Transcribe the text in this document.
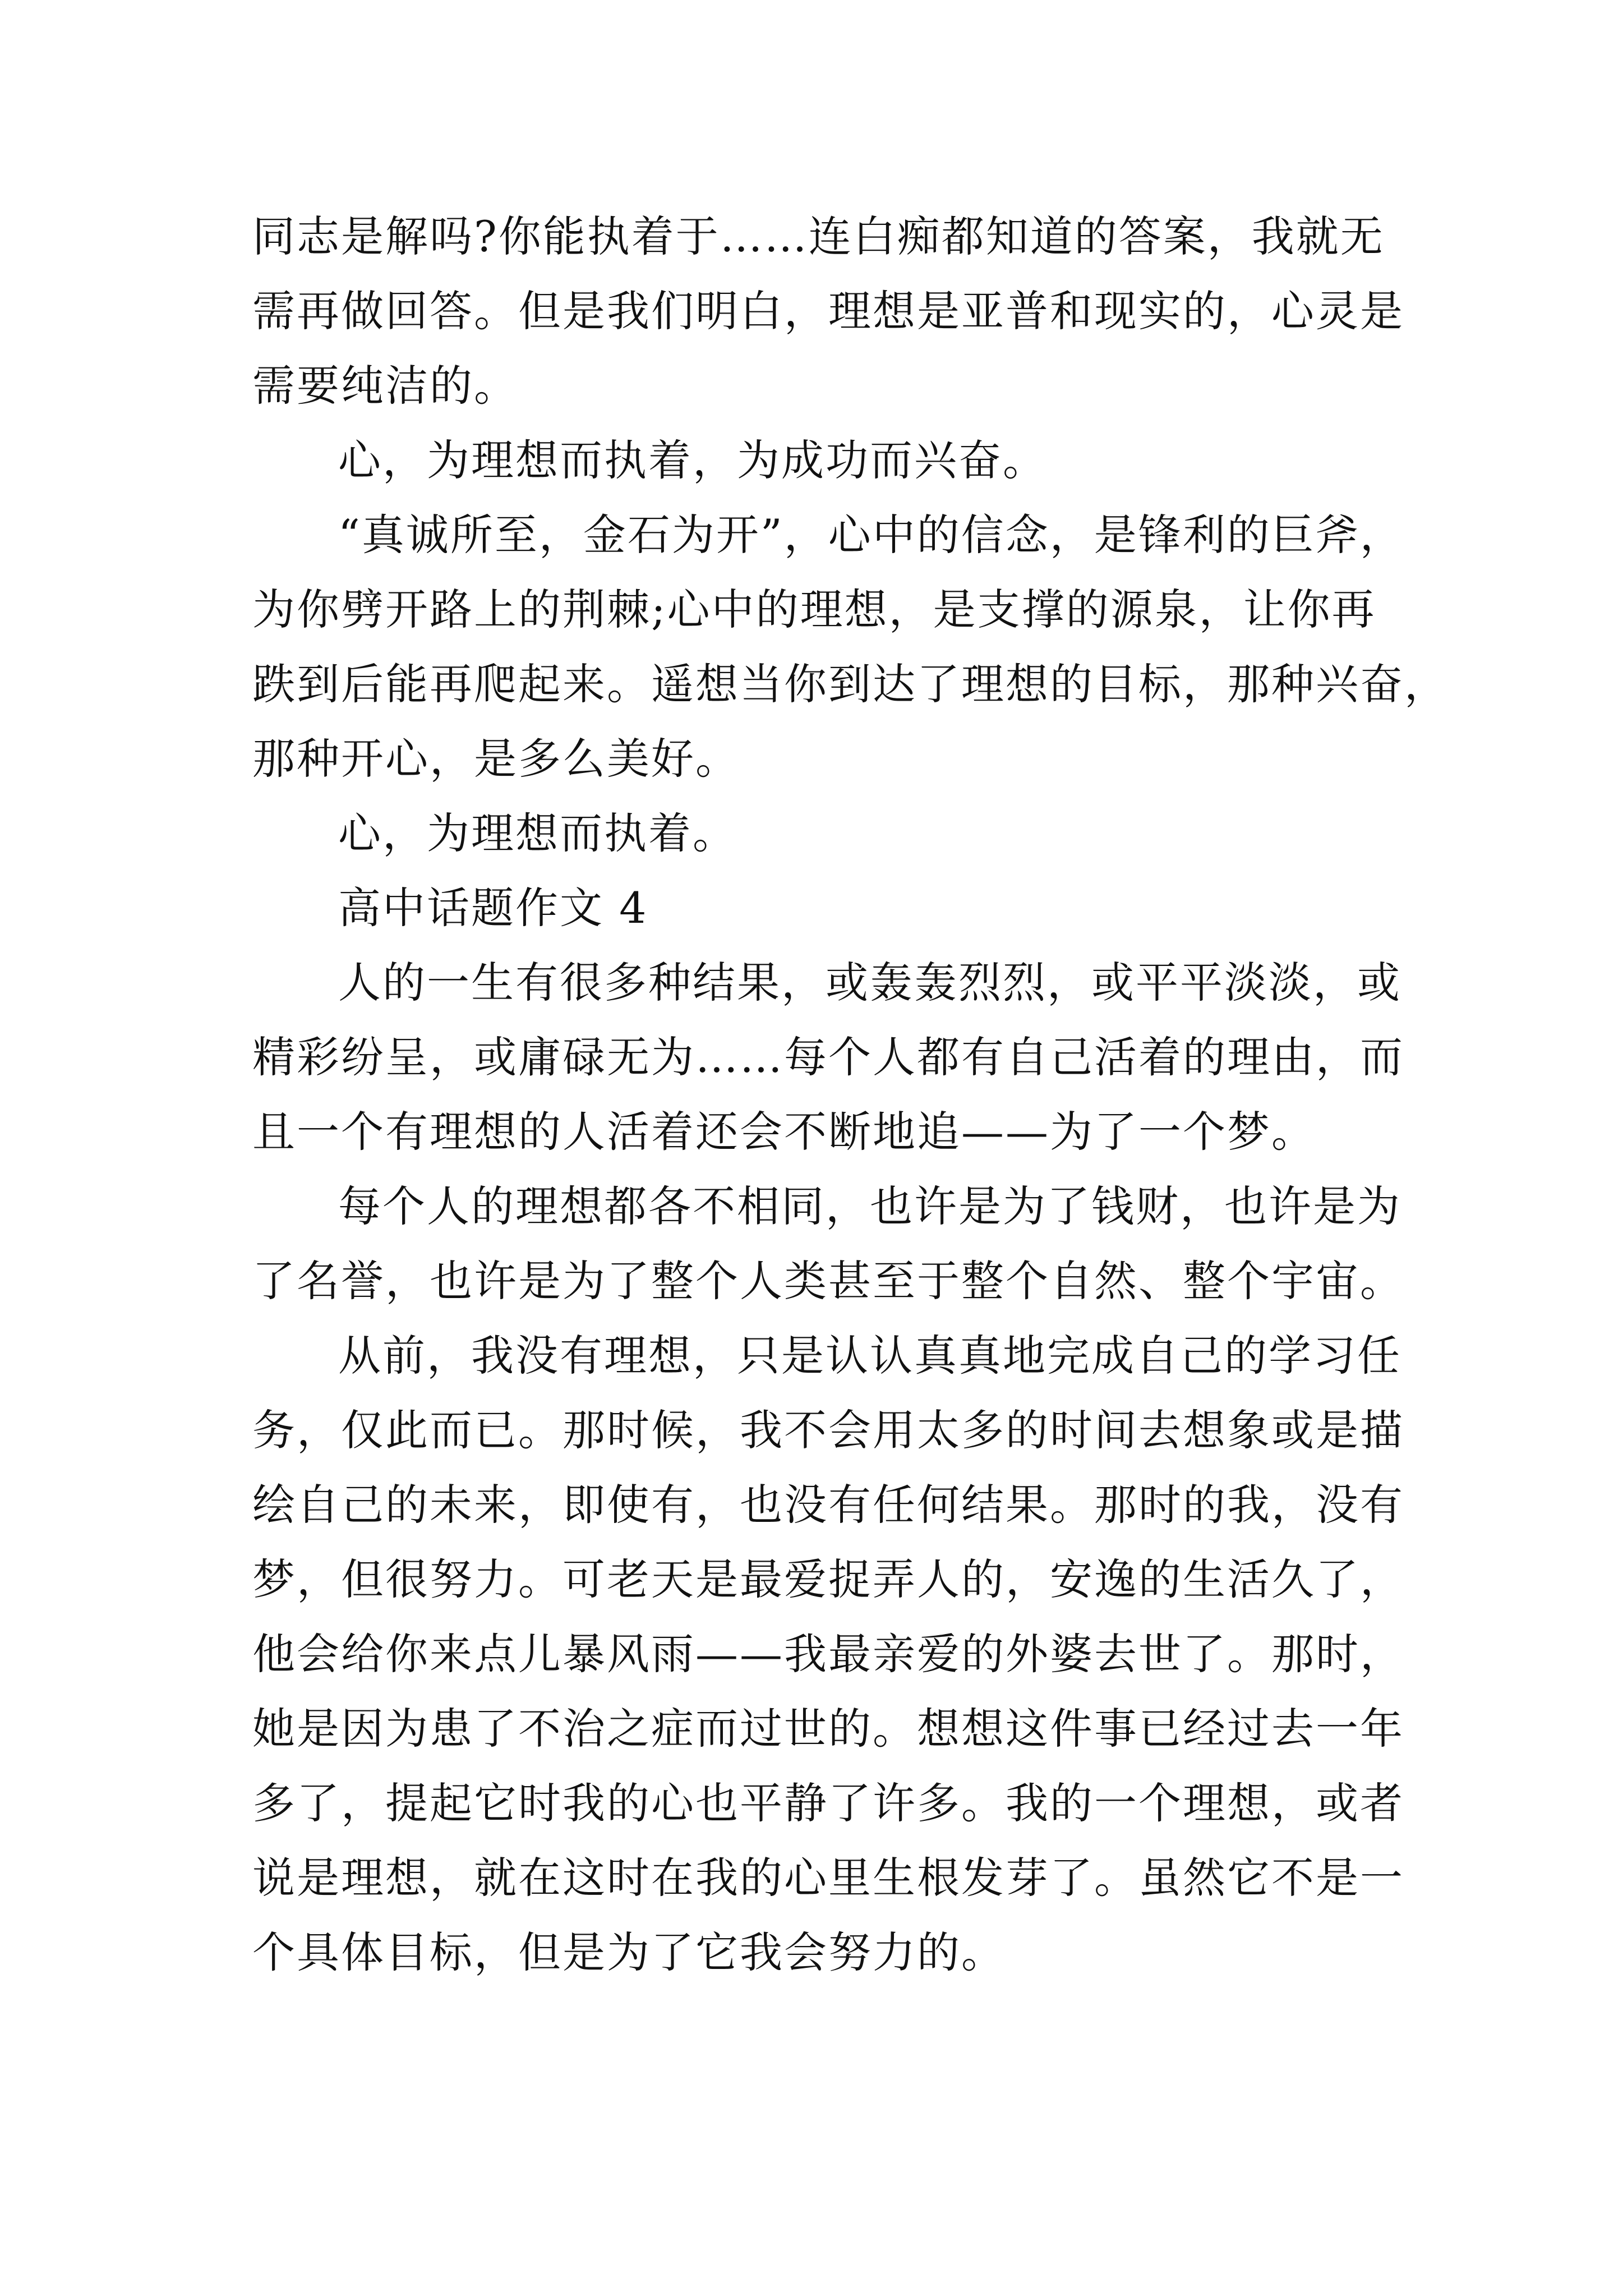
同志是解吗?你能执着于……连白痴都知道的答案，我就无
需再做回答。但是我们明白，理想是亚普和现实的，心灵是
需要纯洁的。
心，为理想而执着，为成功而兴奋。
“真诚所至，金石为开”，心中的信念，是锋利的巨斧，
为你劈开路上的荆棘;心中的理想，是支撑的源泉，让你再
跌到后能再爬起来。遥想当你到达了理想的目标，那种兴奋，
那种开心，是多么美好。
心，为理想而执着。
高中话题作文 4
人的一生有很多种结果，或轰轰烈烈，或平平淡淡，或
精彩纷呈，或庸碌无为……每个人都有自己活着的理由，而
且一个有理想的人活着还会不断地追——为了一个梦。
每个人的理想都各不相同，也许是为了钱财，也许是为
了名誉，也许是为了整个人类甚至于整个自然、整个宇宙。
从前，我没有理想，只是认认真真地完成自己的学习任
务，仅此而已。那时候，我不会用太多的时间去想象或是描
绘自己的未来，即使有，也没有任何结果。那时的我，没有
梦，但很努力。可老天是最爱捉弄人的，安逸的生活久了，
他会给你来点儿暴风雨——我最亲爱的外婆去世了。那时，
她是因为患了不治之症而过世的。想想这件事已经过去一年
多了，提起它时我的心也平静了许多。我的一个理想，或者
说是理想，就在这时在我的心里生根发芽了。虽然它不是一
个具体目标，但是为了它我会努力的。
